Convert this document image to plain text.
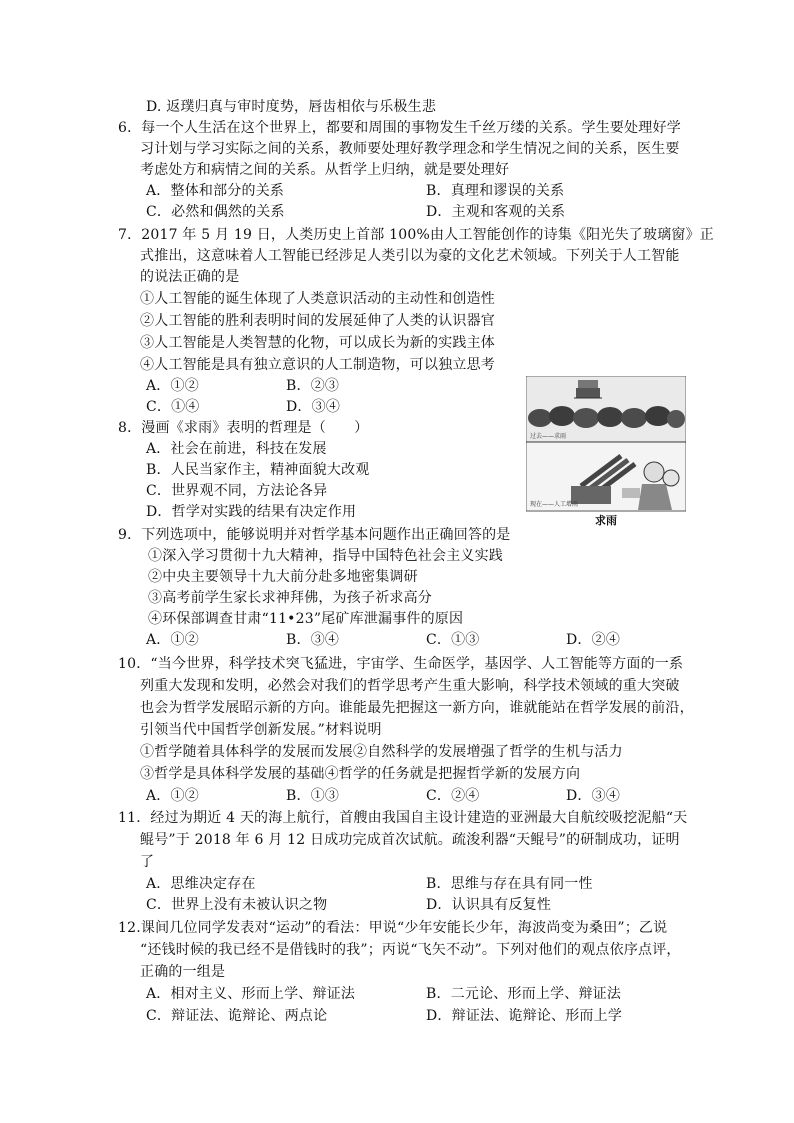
D. 返璞归真与审时度势，唇齿相依与乐极生悲
6．每一个人生活在这个世界上，都要和周围的事物发生千丝万缕的关系。学生要处理好学
习计划与学习实际之间的关系，教师要处理好教学理念和学生情况之间的关系，医生要
考虑处方和病情之间的关系。从哲学上归纳，就是要处理好
A．整体和部分的关系	B．真理和谬误的关系
C．必然和偶然的关系	D．主观和客观的关系
7．2017 年 5 月 19 日，人类历史上首部 100%由人工智能创作的诗集《阳光失了玻璃窗》正
式推出，这意味着人工智能已经涉足人类引以为豪的文化艺术领域。下列关于人工智能
的说法正确的是
①人工智能的诞生体现了人类意识活动的主动性和创造性
②人工智能的胜利表明时间的发展延伸了人类的认识器官
③人工智能是人类智慧的化物，可以成长为新的实践主体
④人工智能是具有独立意识的人工制造物，可以独立思考
A．①②	B．②③
C．①④	D．③④
8．漫画《求雨》表明的哲理是（　　）
A．社会在前进，科技在发展
B．人民当家作主，精神面貌大改观
C．世界观不同，方法论各异
D．哲学对实践的结果有决定作用
9．下列选项中，能够说明并对哲学基本问题作出正确回答的是
①深入学习贯彻十九大精神，指导中国特色社会主义实践
②中央主要领导十九大前分赴多地密集调研
③高考前学生家长求神拜佛，为孩子祈求高分
④环保部调查甘肃“11•23”尾矿库泄漏事件的原因
A．①②	B．③④	C．①③	D．②④
10．“当今世界，科学技术突飞猛进，宇宙学、生命医学，基因学、人工智能等方面的一系
列重大发现和发明，必然会对我们的哲学思考产生重大影响，科学技术领域的重大突破
也会为哲学发展昭示新的方向。谁能最先把握这一新方向，谁就能站在哲学发展的前沿，
引领当代中国哲学创新发展。”材料说明
①哲学随着具体科学的发展而发展②自然科学的发展增强了哲学的生机与活力
③哲学是具体科学发展的基础④哲学的任务就是把握哲学新的发展方向
A．①②	B．①③	C．②④	D．③④
11．经过为期近 4 天的海上航行，首艘由我国自主设计建造的亚洲最大自航绞吸挖泥船“天
鲲号”于 2018 年 6 月 12 日成功完成首次试航。疏浚利器“天鲲号”的研制成功，证明
了
A．思维决定存在	B．思维与存在具有同一性
C．世界上没有未被认识之物	D．认识具有反复性
12.课间几位同学发表对“运动”的看法：甲说“少年安能长少年，海波尚变为桑田”；乙说
“还钱时候的我已经不是借钱时的我”；丙说“飞矢不动”。下列对他们的观点依序点评，
正确的一组是
A．相对主义、形而上学、辩证法	B．二元论、形而上学、辩证法
C．辩证法、诡辩论、两点论	D．辩证法、诡辩论、形而上学
过去——求雨
现在——人工增雨
求雨
